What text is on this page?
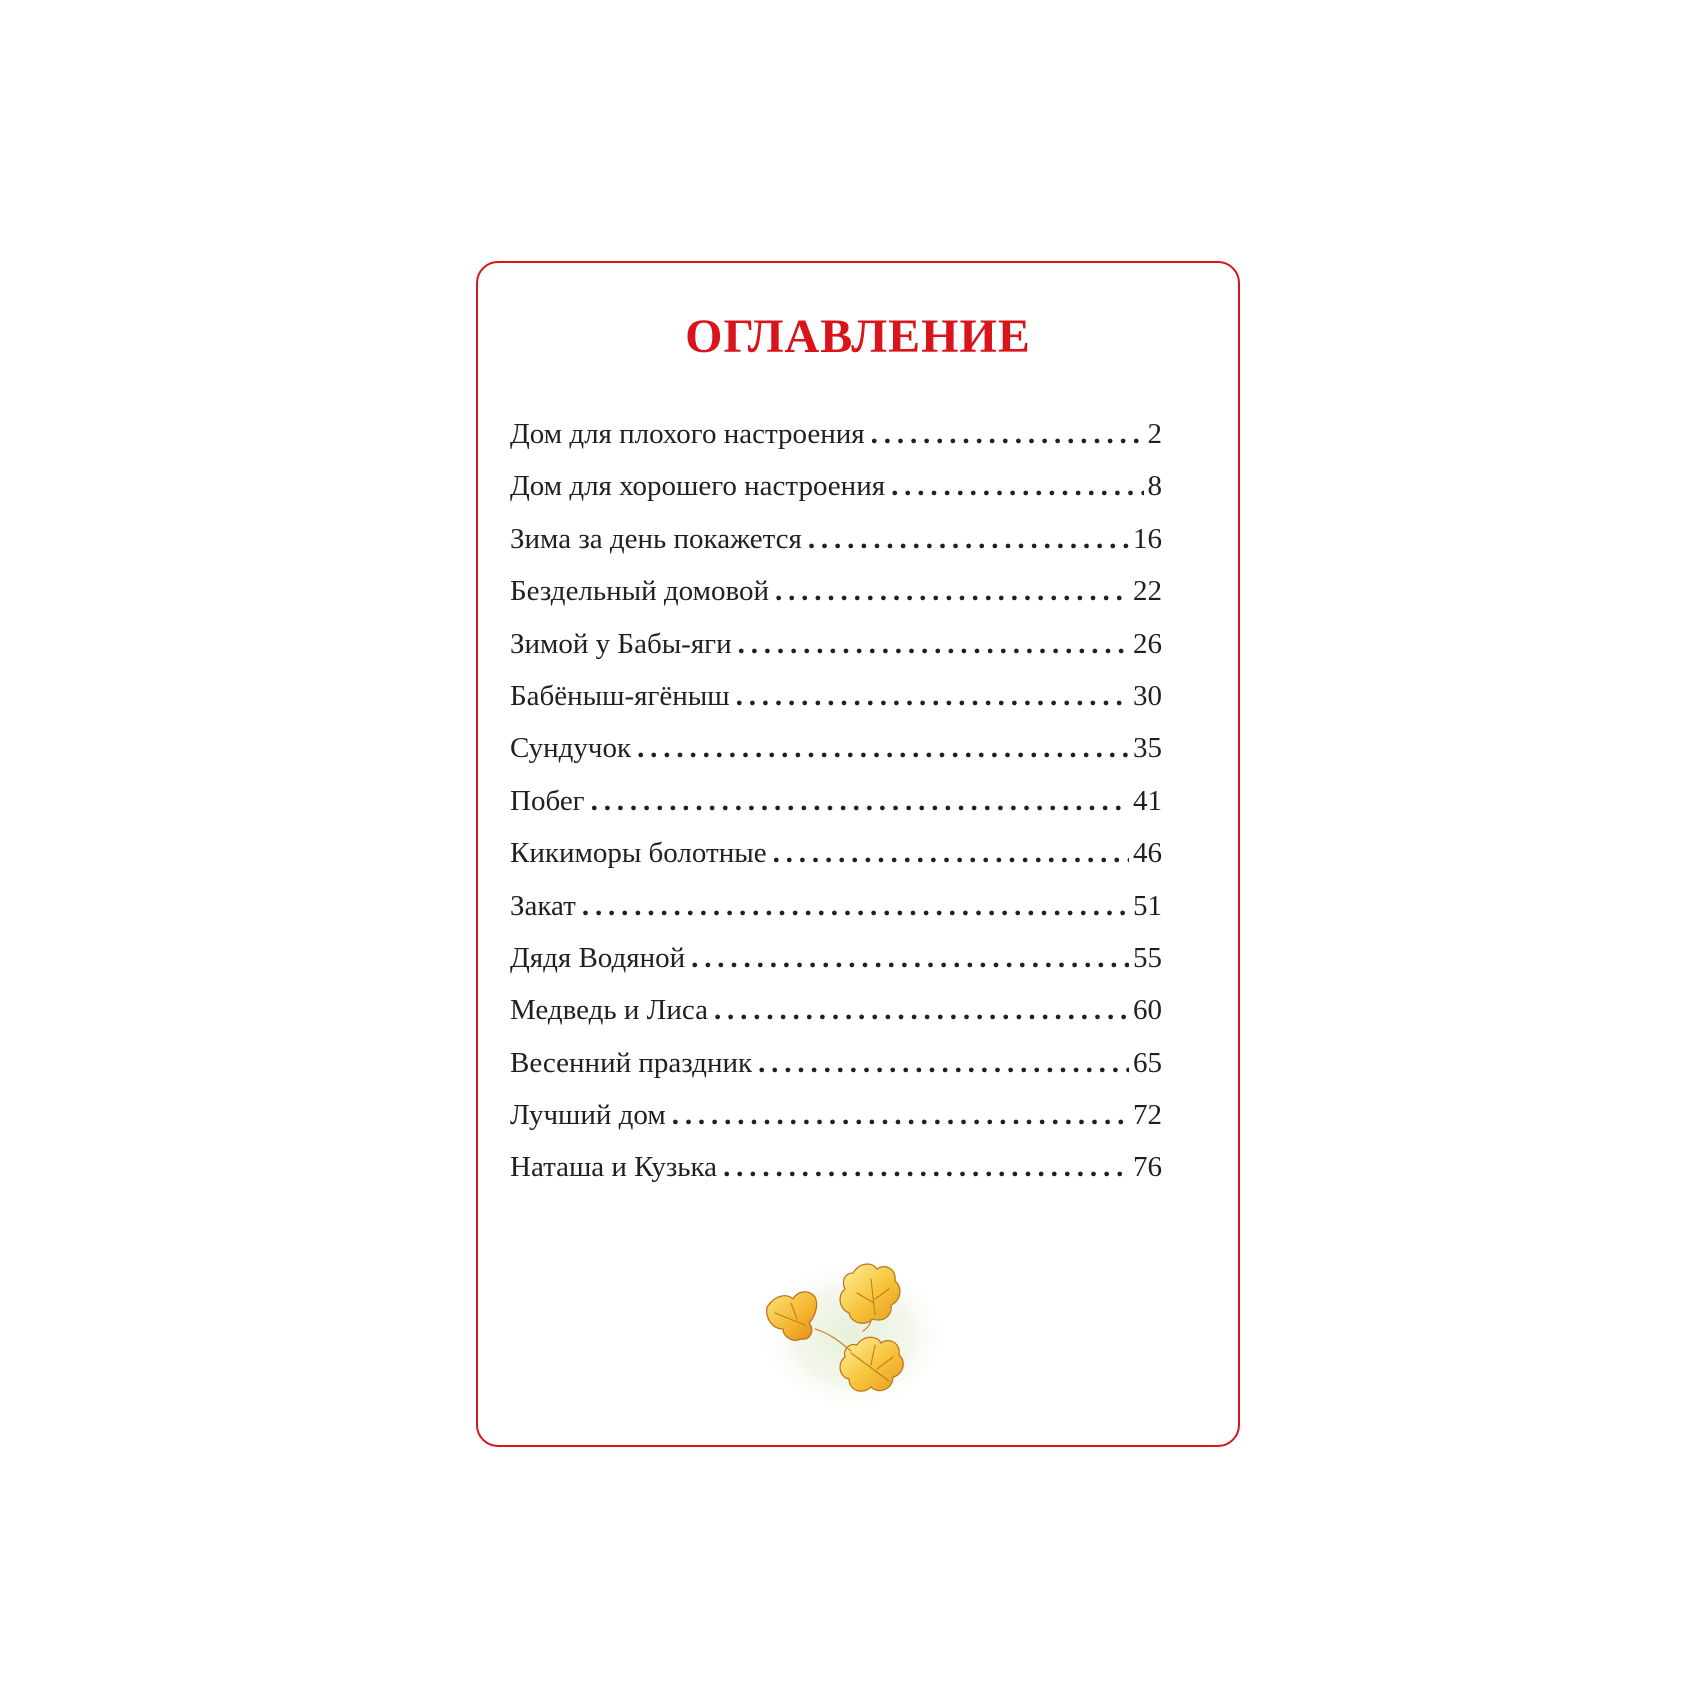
ОГЛАВЛЕНИЕ
Дом для плохого настроения . . .	2
Дом для хорошего настроения . . .	8
Зима за день покажется . . .	16
Бездельный домовой . . .	22
Зимой у Бабы-яги . . .	26
Бабёныш-ягёныш . . .	30
Сундучок . . .	35
Побег . . .	41
Кикиморы болотные . . .	46
Закат . . .	51
Дядя Водяной . . .	55
Медведь и Лиса . . .	60
Весенний праздник . . .	65
Лучший дом . . .	72
Наташа и Кузька . . .	76
